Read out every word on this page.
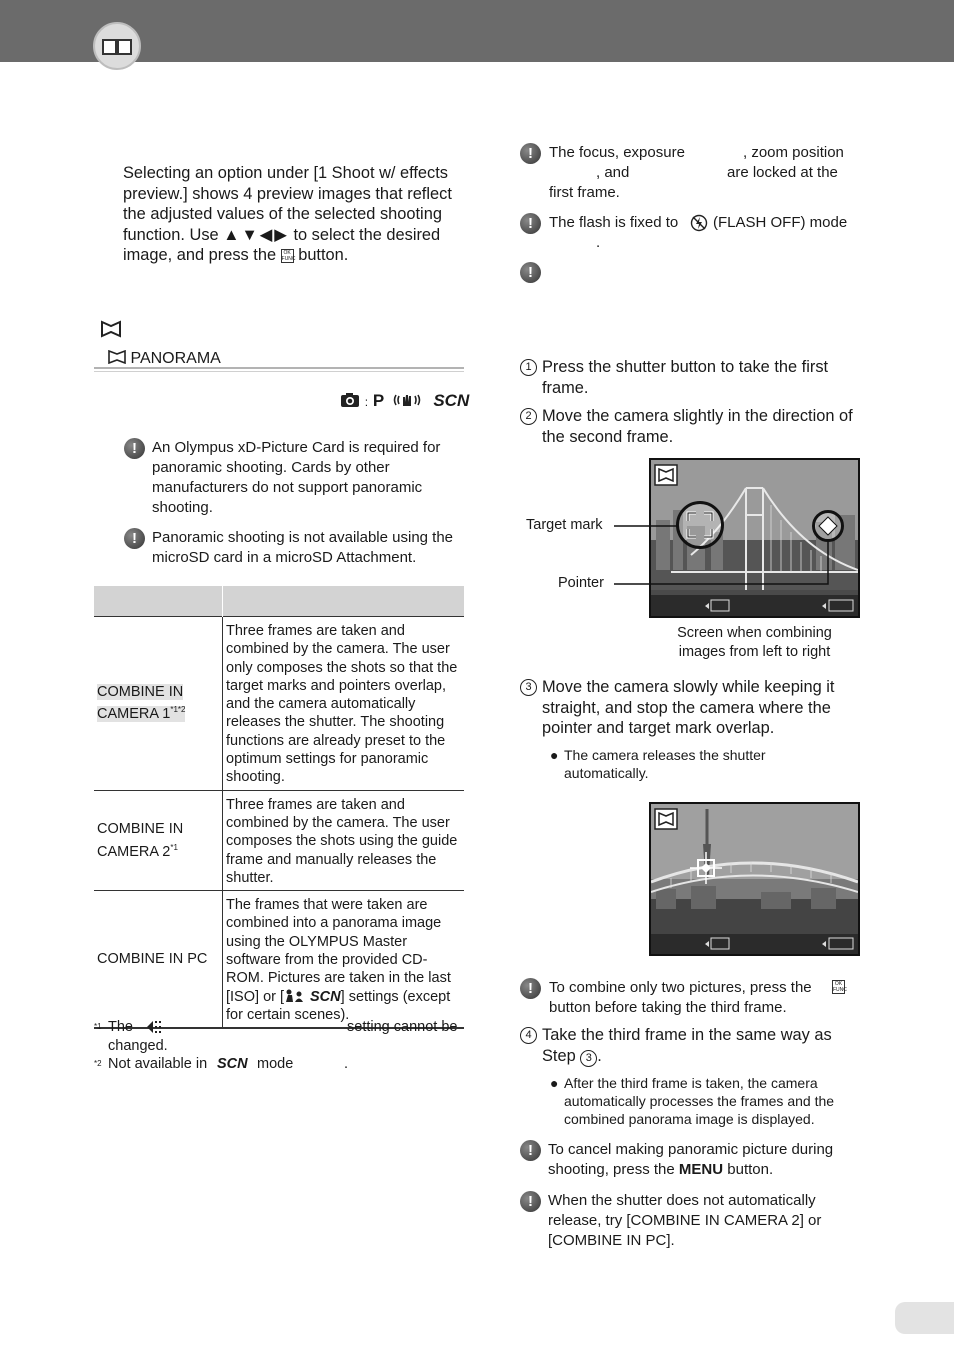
Selecting an option under [1 Shoot w/ effects preview.] shows 4 preview images that reflect the adjusted values of the selected shooting function. Use ▲▼◀▶ to select the desired image, and press the OK FUNC button.
PANORAMA
: P	SCN
!	An Olympus xD-Picture Card is required for panoramic shooting. Cards by other manufacturers do not support panoramic shooting.
!	Panoramic shooting is not available using the microSD card in a microSD Attachment.

COMBINE IN CAMERA $1^{*1*2}$	Three frames are taken and combined by the camera. The user only composes the shots so that the target marks and pointers overlap, and the camera automatically releases the shutter. The shooting functions are already preset to the optimum settings for panoramic shooting.
COMBINE IN CAMERA 2$^{*1}$	Three frames are taken and combined by the camera. The user composes the shots using the guide frame and manually releases the shutter.
COMBINE IN PC	The frames that were taken are combined into a panorama image using the OLYMPUS Master software from the provided CD-ROM. Pictures are taken in the last [ISO] or [ SCN] settings (except for certain scenes).
*1 The	setting cannot be
changed.
*2 Not available in SCN mode	.
!	The focus, exposure	, zoom position
, and	are locked at the
first frame.
!	The flash is fixed to (FLASH OFF) mode
.
!
1 Press the shutter button to take the first frame.
2 Move the camera slightly in the direction of the second frame.
Target mark
Pointer
Screen when combining images from left to right
3 Move the camera slowly while keeping it straight, and stop the camera where the pointer and target mark overlap.
● The camera releases the shutter automatically.
!	To combine only two pictures, press the	OK FUNC
button before taking the third frame.
4 Take the third frame in the same way as Step 3 .
● After the third frame is taken, the camera automatically processes the frames and the combined panorama image is displayed.
!	To cancel making panoramic picture during shooting, press the MENU button.
!	When the shutter does not automatically release, try [COMBINE IN CAMERA 2] or [COMBINE IN PC].
